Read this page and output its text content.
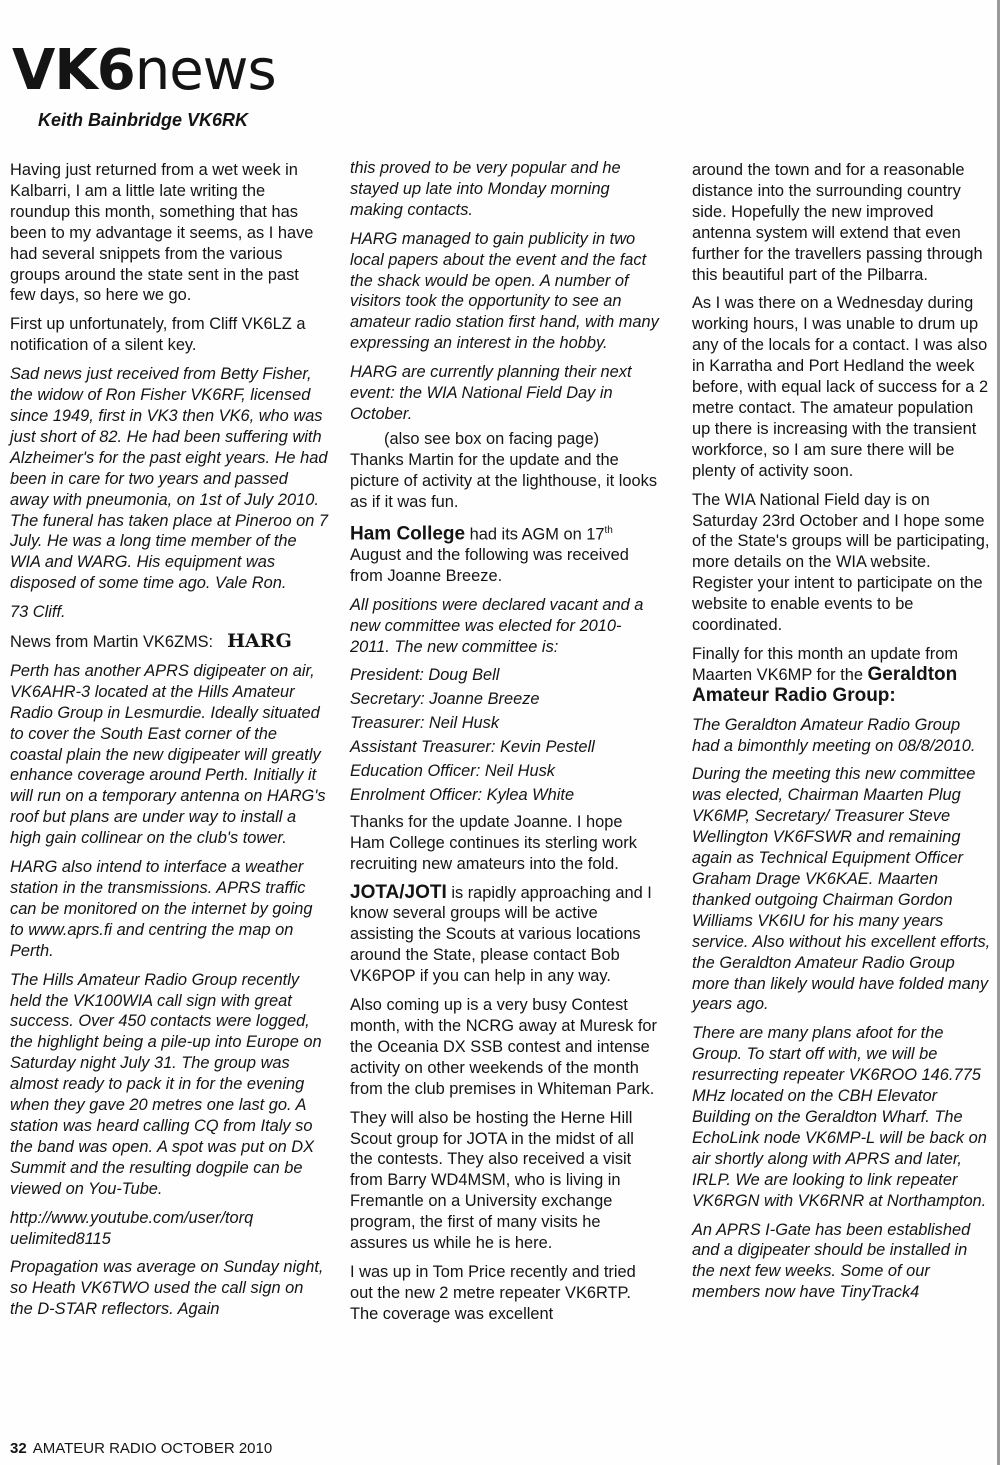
VK6news
Keith Bainbridge VK6RK

Having just returned from a wet week in Kalbarri, I am a little late writing the roundup this month, something that has been to my advantage it seems, as I have had several snippets from the various groups around the state sent in the past few days, so here we go.

First up unfortunately, from Cliff VK6LZ a notification of a silent key.

Sad news just received from Betty Fisher, the widow of Ron Fisher VK6RF, licensed since 1949, first in VK3 then VK6, who was just short of 82. He had been suffering with Alzheimer's for the past eight years. He had been in care for two years and passed away with pneumonia, on 1st of July 2010. The funeral has taken place at Pineroo on 7 July. He was a long time member of the WIA and WARG. His equipment was disposed of some time ago. Vale Ron.

73 Cliff.

News from Martin VK6ZMS: HARG

Perth has another APRS digipeater on air, VK6AHR-3 located at the Hills Amateur Radio Group in Lesmurdie. Ideally situated to cover the South East corner of the coastal plain the new digipeater will greatly enhance coverage around Perth. Initially it will run on a temporary antenna on HARG's roof but plans are under way to install a high gain collinear on the club's tower.

HARG also intend to interface a weather station in the transmissions. APRS traffic can be monitored on the internet by going to www.aprs.fi and centring the map on Perth.

The Hills Amateur Radio Group recently held the VK100WIA call sign with great success. Over 450 contacts were logged, the highlight being a pile-up into Europe on Saturday night July 31. The group was almost ready to pack it in for the evening when they gave 20 metres one last go. A station was heard calling CQ from Italy so the band was open. A spot was put on DX Summit and the resulting dogpile can be viewed on You-Tube.

http://www.youtube.com/user/torquelimited8115

Propagation was average on Sunday night, so Heath VK6TWO used the call sign on the D-STAR reflectors. Again

this proved to be very popular and he stayed up late into Monday morning making contacts.

HARG managed to gain publicity in two local papers about the event and the fact the shack would be open. A number of visitors took the opportunity to see an amateur radio station first hand, with many expressing an interest in the hobby.

HARG are currently planning their next event: the WIA National Field Day in October.

(also see box on facing page)

Thanks Martin for the update and the picture of activity at the lighthouse, it looks as if it was fun.

Ham College had its AGM on 17th August and the following was received from Joanne Breeze.

All positions were declared vacant and a new committee was elected for 2010-2011. The new committee is:

President: Doug Bell
Secretary: Joanne Breeze
Treasurer: Neil Husk
Assistant Treasurer: Kevin Pestell
Education Officer: Neil Husk
Enrolment Officer: Kylea White

Thanks for the update Joanne. I hope Ham College continues its sterling work recruiting new amateurs into the fold.

JOTA/JOTI is rapidly approaching and I know several groups will be active assisting the Scouts at various locations around the State, please contact Bob VK6POP if you can help in any way.

Also coming up is a very busy Contest month, with the NCRG away at Muresk for the Oceania DX SSB contest and intense activity on other weekends of the month from the club premises in Whiteman Park.

They will also be hosting the Herne Hill Scout group for JOTA in the midst of all the contests. They also received a visit from Barry WD4MSM, who is living in Fremantle on a University exchange program, the first of many visits he assures us while he is here.

I was up in Tom Price recently and tried out the new 2 metre repeater VK6RTP. The coverage was excellent

around the town and for a reasonable distance into the surrounding country side. Hopefully the new improved antenna system will extend that even further for the travellers passing through this beautiful part of the Pilbarra.

As I was there on a Wednesday during working hours, I was unable to drum up any of the locals for a contact. I was also in Karratha and Port Hedland the week before, with equal lack of success for a 2 metre contact. The amateur population up there is increasing with the transient workforce, so I am sure there will be plenty of activity soon.

The WIA National Field day is on Saturday 23rd October and I hope some of the State's groups will be participating, more details on the WIA website. Register your intent to participate on the website to enable events to be coordinated.

Finally for this month an update from Maarten VK6MP for the Geraldton Amateur Radio Group:

The Geraldton Amateur Radio Group had a bimonthly meeting on 08/8/2010.

During the meeting this new committee was elected, Chairman Maarten Plug VK6MP, Secretary/ Treasurer Steve Wellington VK6FSWR and remaining again as Technical Equipment Officer Graham Drage VK6KAE. Maarten thanked outgoing Chairman Gordon Williams VK6IU for his many years service. Also without his excellent efforts, the Geraldton Amateur Radio Group more than likely would have folded many years ago.

There are many plans afoot for the Group. To start off with, we will be resurrecting repeater VK6ROO 146.775 MHz located on the CBH Elevator Building on the Geraldton Wharf. The EchoLink node VK6MP-L will be back on air shortly along with APRS and later, IRLP. We are looking to link repeater VK6RGN with VK6RNR at Northampton.

An APRS I-Gate has been established and a digipeater should be installed in the next few weeks. Some of our members now have TinyTrack4

32 AMATEUR RADIO OCTOBER 2010
